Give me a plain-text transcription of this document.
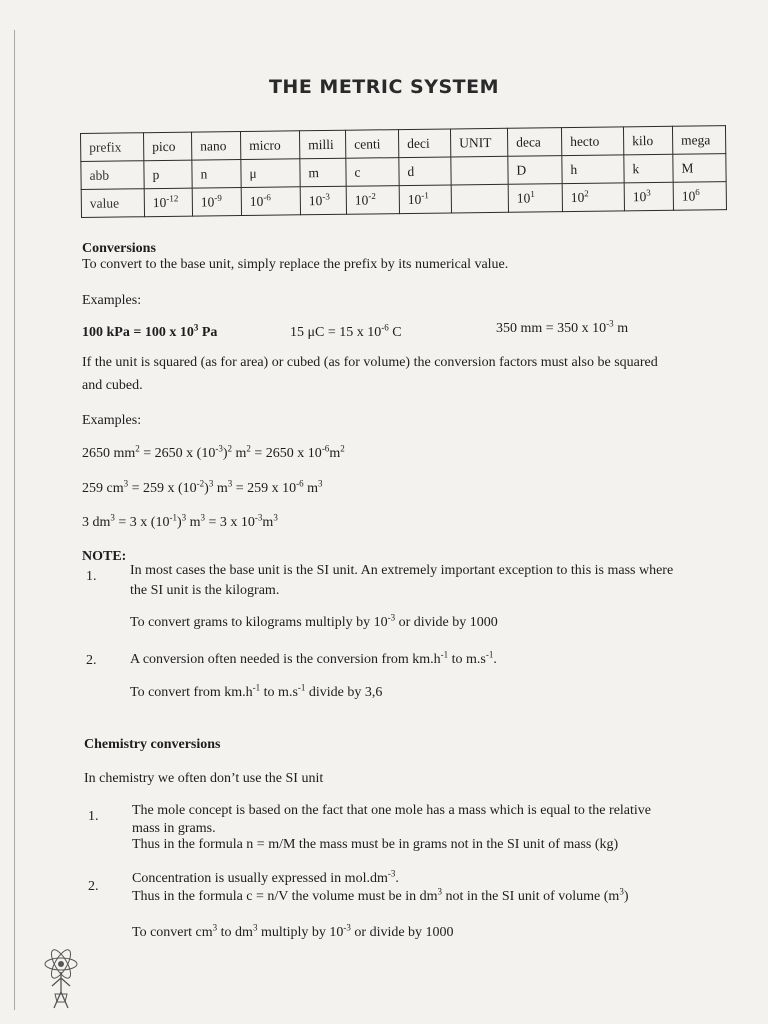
THE METRIC SYSTEM
prefix	pico	nano	micro	milli	centi	deci	UNIT	deca	hecto	kilo	mega
abb	p	n	μ	m	c	d		D	h	k	M
value	$10^{-12}$	$10^{-9}$	$10^{-6}$	$10^{-3}$	$10^{-2}$	$10^{-1}$		$10^1$	$10^2$	$10^3$	$10^6$
Conversions
To convert to the base unit, simply replace the prefix by its numerical value.
Examples:
100 kPa = 100 x $10^3$ Pa	15 μC = 15 x $10^{-6}$ C	350 mm = 350 x $10^{-3}$ m
If the unit is squared (as for area) or cubed (as for volume) the conversion factors must also be squared
and cubed.
Examples:
2650 $mm^2 = 2650$ x $(10^{-3})^2$ $m^2 = 2650$ x $10^{-6}m^2$
259 $cm^3 = 259$ x $(10^{-2})^3$ $m^3 = 259$ x $10^{-6}$ $m^3$
3 $dm^3 = 3$ x $(10^{-1})^3$ $m^3 = 3$ x $10^{-3}m^3$
NOTE:
1. In most cases the base unit is the SI unit. An extremely important exception to this is mass where
the SI unit is the kilogram.
To convert grams to kilograms multiply by $10^{-3}$ or divide by 1000
2. A conversion often needed is the conversion from $km.h^{-1}$ to $m.s^{-1}$.
To convert from $km.h^{-1}$ to $m.s^{-1}$ divide by 3,6
Chemistry conversions
In chemistry we often don’t use the SI unit
1. The mole concept is based on the fact that one mole has a mass which is equal to the relative
mass in grams.
Thus in the formula n = m/M the mass must be in grams not in the SI unit of mass (kg)
2.
Concentration is usually expressed in $mol.dm^{-3}$.
Thus in the formula c = n/V the volume must be in $dm^3$ not in the SI unit of volume $(m^3)$
To convert $cm^3$ to $dm^3$ multiply by $10^{-3}$ or divide by 1000
